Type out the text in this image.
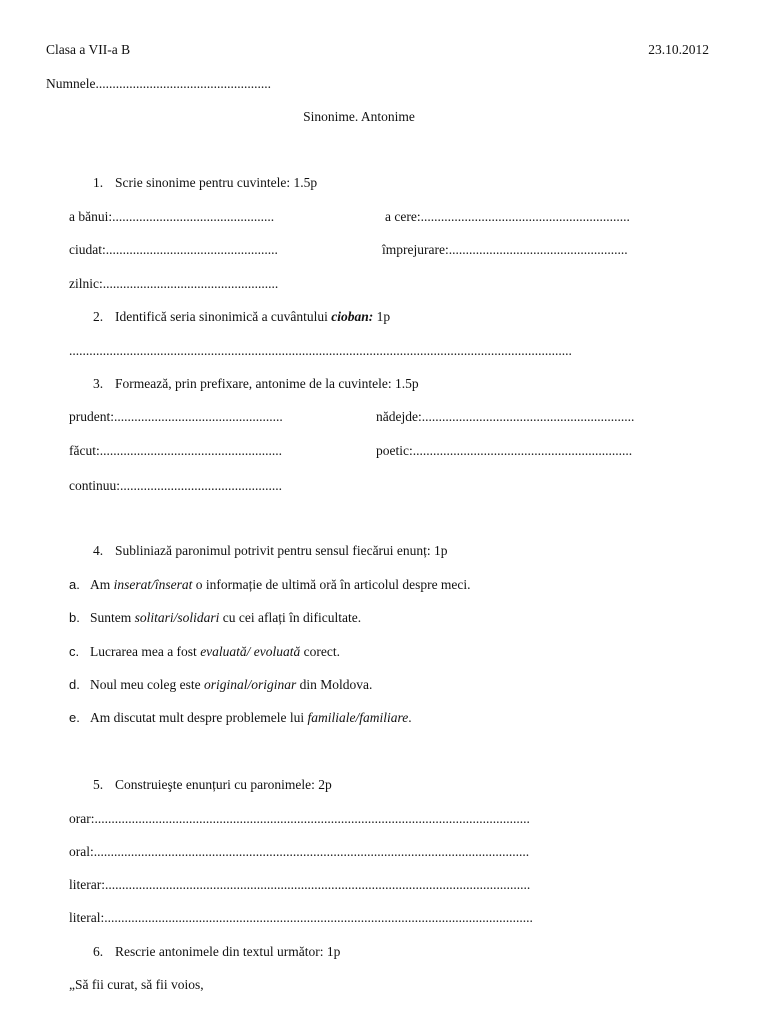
Clasa a VII-a B	23.10.2012
Numnele....................................................
Sinonime. Antonime
1. Scrie sinonime pentru cuvintele: 1.5p
a bănui:................................................	a cere:..............................................................
ciudat:...................................................	împrejurare:.....................................................
zilnic:....................................................
2. Identifică seria sinonimică a cuvântului cioban: 1p
.....................................................................................................................................................
3. Formează, prin prefixare, antonime de la cuvintele: 1.5p
prudent:..................................................	nădejde:...............................................................
făcut:......................................................	poetic:.................................................................
continuu:................................................
4. Subliniază paronimul potrivit pentru sensul fiecărui enunț: 1p
a. Am inserat/înserat o informație de ultimă oră în articolul despre meci.
b. Suntem solitari/solidari cu cei aflați în dificultate.
c. Lucrarea mea a fost evaluată/ evoluată corect.
d. Noul meu coleg este original/originar din Moldova.
e. Am discutat mult despre problemele lui familiale/familiare.
5. Construieşte enunțuri cu paronimele: 2p
orar:.................................................................................................................................
oral:.................................................................................................................................
literar:..............................................................................................................................
literal:...............................................................................................................................
6. Rescrie antonimele din textul următor: 1p
„Să fii curat, să fii voios,
